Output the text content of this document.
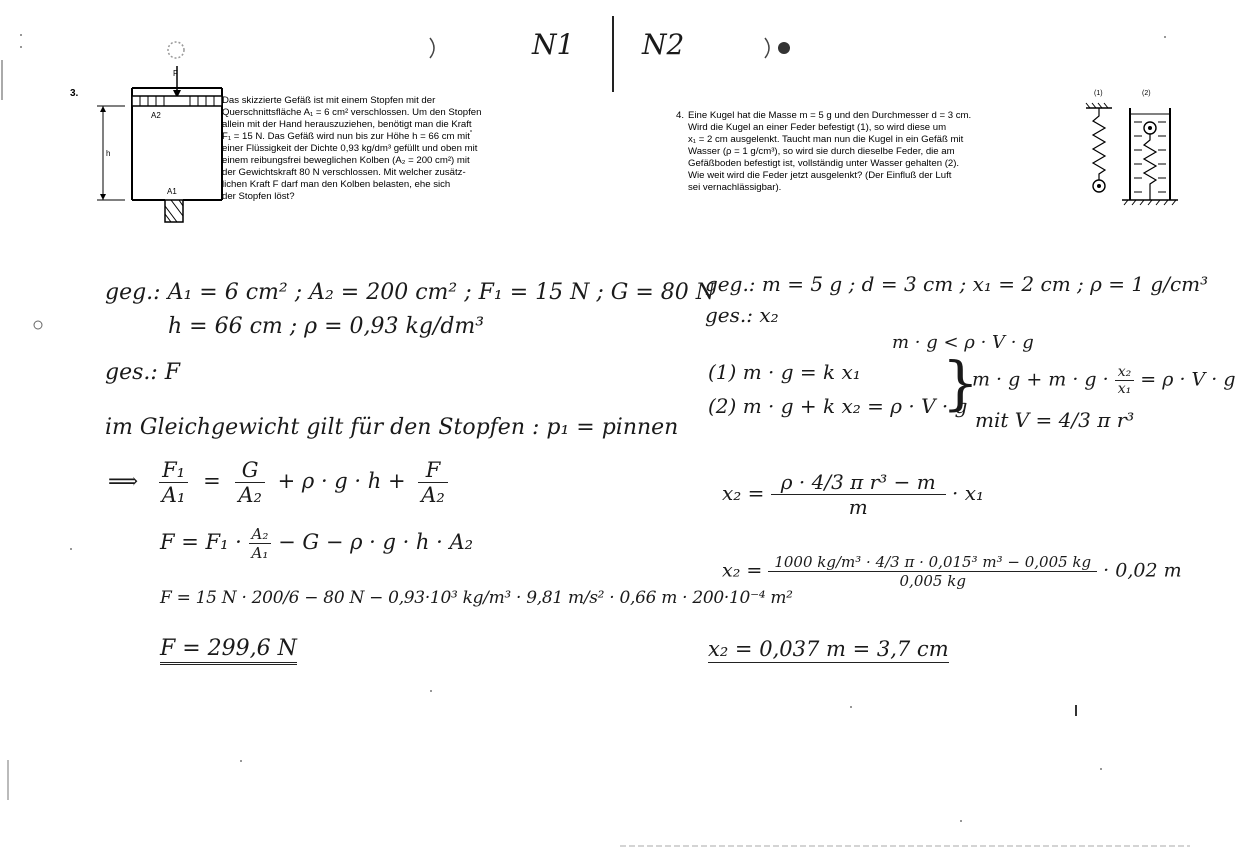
N1 N2
3.
F
A2
A1
h
Das skizzierte Gefäß ist mit einem Stopfen mit der
Querschnittsfläche A₁ = 6 cm² verschlossen. Um den Stopfen
allein mit der Hand herauszuziehen, benötigt man die Kraft
F₁ = 15 N. Das Gefäß wird nun bis zur Höhe h = 66 cm mit
einer Flüssigkeit der Dichte 0,93 kg/dm³ gefüllt und oben mit
einem reibungsfrei beweglichen Kolben (A₂ = 200 cm²) mit
der Gewichtskraft 80 N verschlossen. Mit welcher zusätz-
lichen Kraft F darf man den Kolben belasten, ehe sich
der Stopfen löst?
4. Eine Kugel hat die Masse m = 5 g und den Durchmesser d = 3 cm.
Wird die Kugel an einer Feder befestigt (1), so wird diese um
x₁ = 2 cm ausgelenkt. Taucht man nun die Kugel in ein Gefäß mit
Wasser (ρ = 1 g/cm³), so wird sie durch dieselbe Feder, die am
Gefäßboden befestigt ist, vollständig unter Wasser gehalten (2).
Wie weit wird die Feder jetzt ausgelenkt? (Der Einfluß der Luft
sei vernachlässigbar).
(1)	(2)
geg.: A₁ = 6 cm² ; A₂ = 200 cm² ; F₁ = 15 N ; G = 80 N
h = 66 cm ; ρ = 0,93 kg/dm³
ges.: F
im Gleichgewicht gilt für den Stopfen : p₁ = pinnen
⟹ $\frac{\text{F₁}}{\text{A₁}} = \frac{G}{\text{A₂}} + \rho \cdot g \cdot h + \frac{F}{\text{A₂}}$
$F = F_1 \cdot \frac{\text{A₂}}{\text{A₁}} - G - \rho \cdot g \cdot h \cdot A_2$
F = 15 N · 200/6 − 80 N − 0,93·10³ kg/m³ · 9,81 m/s² · 0,66 m · 200·10⁻⁴ m²
F = 299,6 N
geg.: m = 5 g ; d = 3 cm ; x₁ = 2 cm ; ρ = 1 g/cm³
ges.: x₂
m · g < ρ · V · g
(1) m · g = k x₁
(2) m · g + k x₂ = ρ · V · g
}
$m \cdot g + m \cdot g \cdot \frac{\text{x₂}}{\text{x₁}} = \rho \cdot V \cdot g$
mit V = 4/3 π r³
$x_2 = \frac{\text{ρ · 4/3 π r³ − m}}{m} \cdot x_1$
$x_2 = \frac{\text{1000 kg/m³ · 4/3 π · 0,015³ m³ − 0,005 kg}}{0,005 kg} \cdot 0,02$ m
x₂ = 0,037 m = 3,7 cm
